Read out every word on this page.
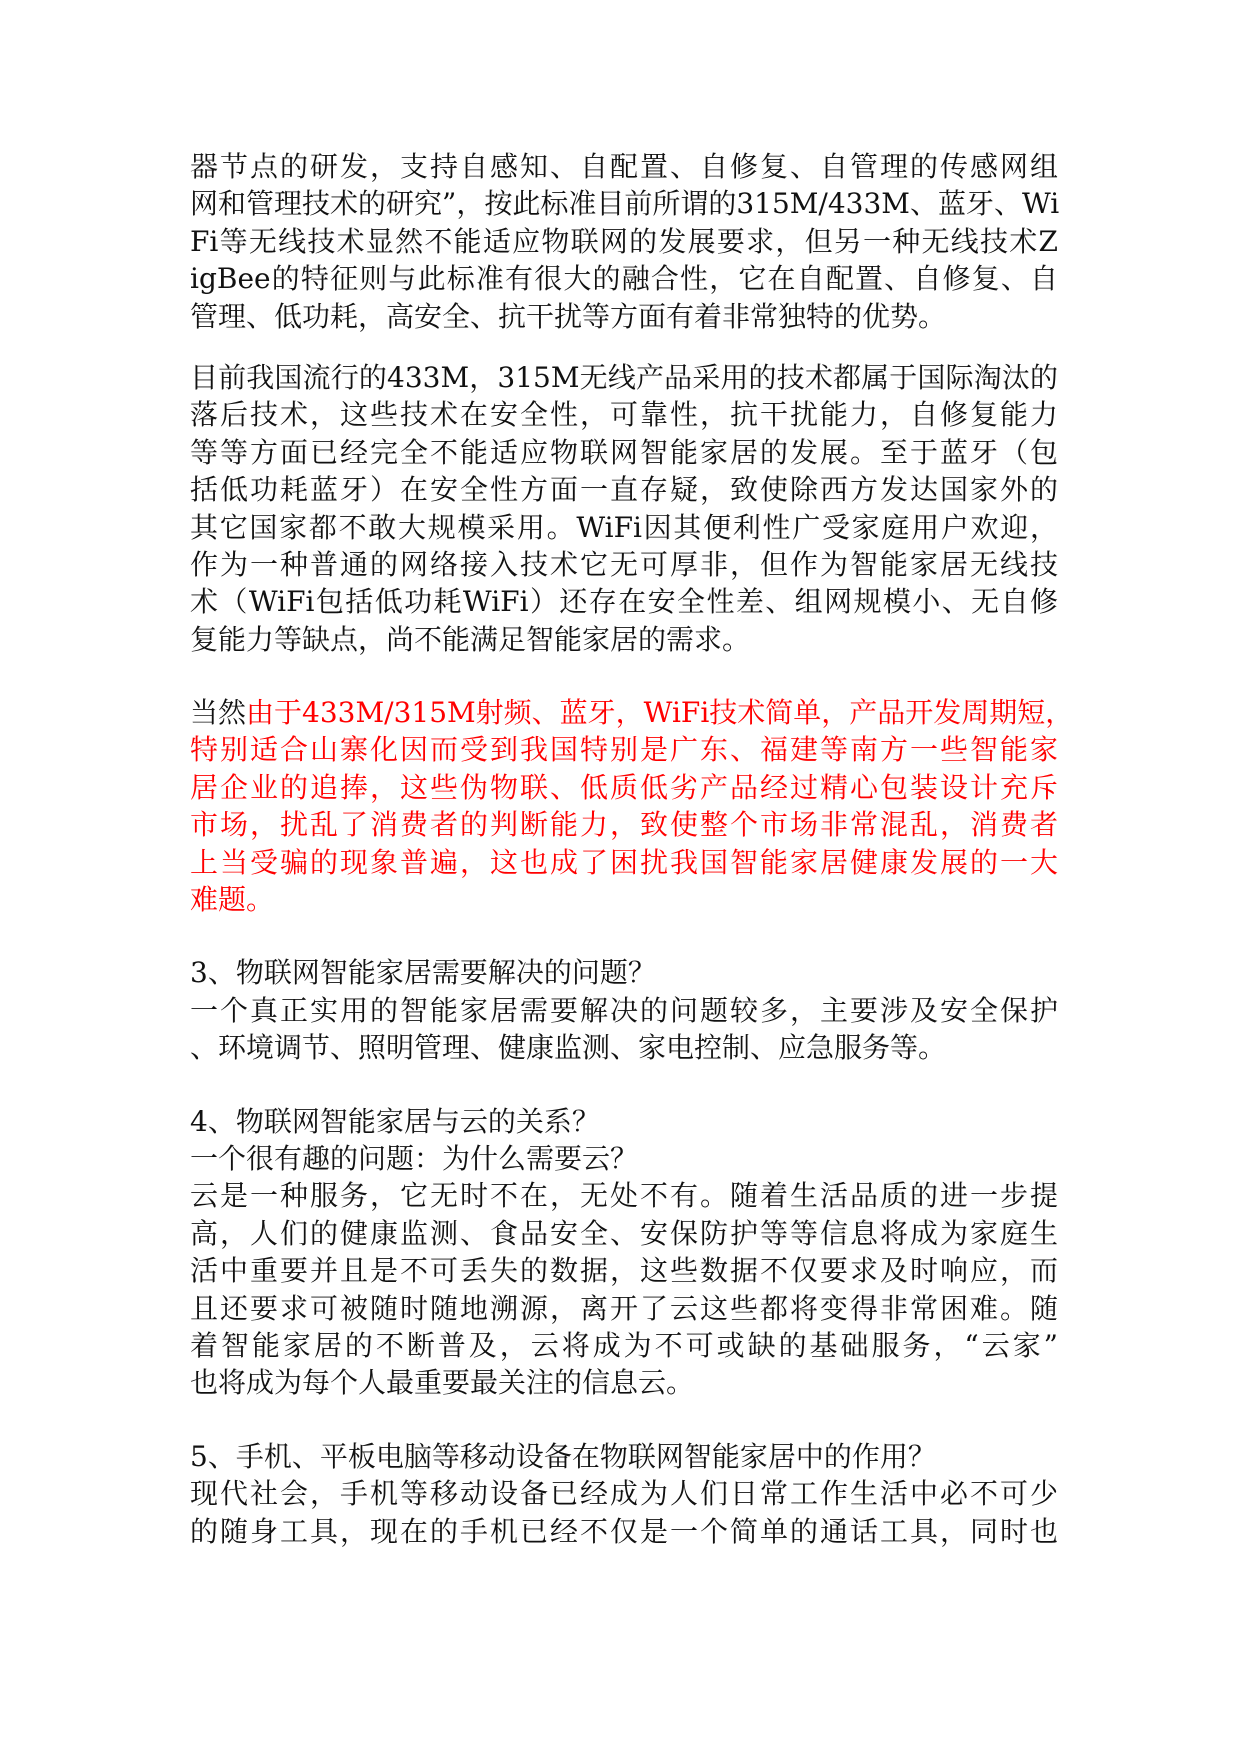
器节点的研发，支持自感知、自配置、自修复、自管理的传感网组
网和管理技术的研究”，按此标准目前所谓的315M/433M、蓝牙、Wi
Fi等无线技术显然不能适应物联网的发展要求，但另一种无线技术Z
igBee的特征则与此标准有很大的融合性，它在自配置、自修复、自
管理、低功耗，高安全、抗干扰等方面有着非常独特的优势。
目前我国流行的433M，315M无线产品采用的技术都属于国际淘汰的
落后技术，这些技术在安全性，可靠性，抗干扰能力，自修复能力
等等方面已经完全不能适应物联网智能家居的发展。至于蓝牙（包
括低功耗蓝牙）在安全性方面一直存疑，致使除西方发达国家外的
其它国家都不敢大规模采用。WiFi因其便利性广受家庭用户欢迎，
作为一种普通的网络接入技术它无可厚非，但作为智能家居无线技
术（WiFi包括低功耗WiFi）还存在安全性差、组网规模小、无自修
复能力等缺点，尚不能满足智能家居的需求。
当然由于433M/315M射频、蓝牙，WiFi技术简单，产品开发周期短，
特别适合山寨化因而受到我国特别是广东、福建等南方一些智能家
居企业的追捧，这些伪物联、低质低劣产品经过精心包装设计充斥
市场，扰乱了消费者的判断能力，致使整个市场非常混乱，消费者
上当受骗的现象普遍，这也成了困扰我国智能家居健康发展的一大
难题。
3、物联网智能家居需要解决的问题？
一个真正实用的智能家居需要解决的问题较多，主要涉及安全保护
、环境调节、照明管理、健康监测、家电控制、应急服务等。
4、物联网智能家居与云的关系？
一个很有趣的问题：为什么需要云？
云是一种服务，它无时不在，无处不有。随着生活品质的进一步提
高，人们的健康监测、食品安全、安保防护等等信息将成为家庭生
活中重要并且是不可丢失的数据，这些数据不仅要求及时响应，而
且还要求可被随时随地溯源，离开了云这些都将变得非常困难。随
着智能家居的不断普及，云将成为不可或缺的基础服务，“云家”
也将成为每个人最重要最关注的信息云。
5、手机、平板电脑等移动设备在物联网智能家居中的作用？
现代社会，手机等移动设备已经成为人们日常工作生活中必不可少
的随身工具，现在的手机已经不仅是一个简单的通话工具，同时也
